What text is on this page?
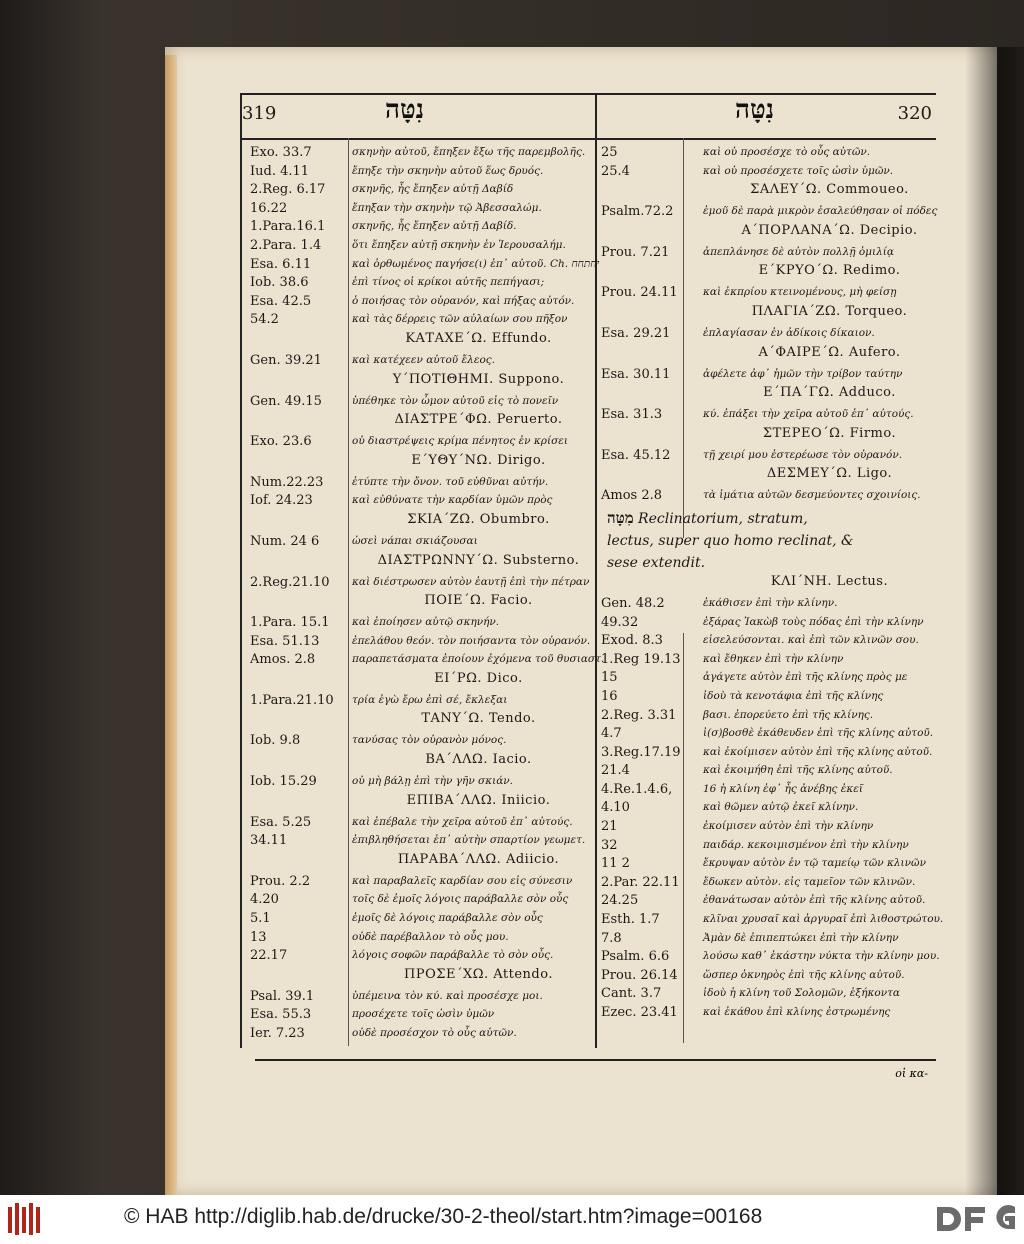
319	נִטָּה	נִטָּה	320
Exo. 33.7	σκηνὴν αὐτοῦ, ἔπηξεν ἔξω τῆς παρεμβολῆς.
Iud. 4.11	ἔπηξε τὴν σκηνὴν αὐτοῦ ἕως δρυός.
2.Reg. 6.17	σκηνῆς, ἧς ἔπηξεν αὐτῇ Δαβίδ
16.22	ἔπηξαν τὴν σκηνὴν τῷ Ἀβεσσαλώμ.
1.Para.16.1	σκηνῆς, ἧς ἔπηξεν αὐτῇ Δαβίδ.
2.Para. 1.4	ὅτι ἔπηξεν αὐτῇ σκηνὴν ἐν Ἱερουσαλήμ.
Esa. 6.11	καὶ ὀρθωμένος παγήσε(ι) ἐπ᾽ αὐτοῦ. Ch. יחתחח
Iob. 38.6	ἐπὶ τίνος οἱ κρίκοι αὐτῆς πεπήγασι;
Esa. 42.5	ὁ ποιήσας τὸν οὐρανόν, καὶ πήξας αὐτόν.
54.2	καὶ τὰς δέρρεις τῶν αὐλαίων σου πῆξον
ΚΑΤΑΧΕ΄Ω. Effundo.
Gen. 39.21	καὶ κατέχεεν αὐτοῦ ἔλεος.
Υ΄ΠΟΤΙΘΗΜΙ. Suppono.
Gen. 49.15	ὑπέθηκε τὸν ὦμον αὐτοῦ εἰς τὸ πονεῖν
ΔΙΑΣΤΡΕ΄ΦΩ. Peruerto.
Exo. 23.6	οὐ διαστρέψεις κρίμα πένητος ἐν κρίσει
Ε΄ΥΘΥ΄ΝΩ. Dirigo.
Num.22.23	ἐτύπτε τὴν ὄνον. τοῦ εὐθῦναι αὐτήν.
Iof. 24.23	καὶ εὐθύνατε τὴν καρδίαν ὑμῶν πρὸς
ΣΚΙΑ΄ΖΩ. Obumbro.
Num. 24 6	ὡσεὶ νάπαι σκιάζουσαι
ΔΙΑΣΤΡΩΝΝΥ΄Ω. Substerno.
2.Reg.21.10	καὶ διέστρωσεν αὐτὸν ἑαυτῇ ἐπὶ τὴν πέτραν
ΠΟΙΕ΄Ω. Facio.
1.Para. 15.1	καὶ ἐποίησεν αὐτῷ σκηνήν.
Esa. 51.13	ἐπελάθου θεόν. τὸν ποιήσαντα τὸν οὐρανόν.
Amos. 2.8	παραπετάσματα ἐποίουν ἐχόμενα τοῦ θυσιαστ.
ΕΙ΄ΡΩ. Dico.
1.Para.21.10	τρία ἐγὼ ἔρω ἐπὶ σέ, ἔκλεξαι
ΤΑΝΥ΄Ω. Tendo.
Iob. 9.8	τανύσας τὸν οὐρανὸν μόνος.
ΒΑ΄ΛΛΩ. Iacio.
Iob. 15.29	οὐ μὴ βάλῃ ἐπὶ τὴν γῆν σκιάν.
ΕΠΙΒΑ΄ΛΛΩ. Iniicio.
Esa. 5.25	καὶ ἐπέβαλε τὴν χεῖρα αὐτοῦ ἐπ᾽ αὐτούς.
34.11	ἐπιβληθήσεται ἐπ᾽ αὐτὴν σπαρτίον γεωμετ.
ΠΑΡΑΒΑ΄ΛΛΩ. Adiicio.
Prou. 2.2	καὶ παραβαλεῖς καρδίαν σου εἰς σύνεσιν
4.20	τοῖς δὲ ἐμοῖς λόγοις παράβαλλε σὸν οὖς
5.1	ἐμοῖς δὲ λόγοις παράβαλλε σὸν οὖς
13	οὐδὲ παρέβαλλον τὸ οὖς μου.
22.17	λόγοις σοφῶν παράβαλλε τὸ σὸν οὖς.
ΠΡΟΣΕ΄ΧΩ. Attendo.
Psal. 39.1	ὑπέμεινα τὸν κύ. καὶ προσέσχε μοι.
Esa. 55.3	προσέχετε τοῖς ὠσὶν ὑμῶν
Ier. 7.23	οὐδὲ προσέσχον τὸ οὖς αὐτῶν.
25	καὶ οὐ προσέσχε τὸ οὖς αὐτῶν.
25.4	καὶ οὐ προσέσχετε τοῖς ὠσὶν ὑμῶν.
ΣΑΛΕΥ΄Ω. Commoueo.
Psalm.72.2	ἐμοῦ δὲ παρὰ μικρὸν ἐσαλεύθησαν οἱ πόδες
Α΄ΠΟΡΛΑΝΑ΄Ω. Decipio.
Prou. 7.21	ἀπεπλάνησε δὲ αὐτὸν πολλῇ ὁμιλίᾳ
Ε΄ΚΡΥΟ΄Ω. Redimo.
Prou. 24.11	καὶ ἐκπρίου κτεινομένους, μὴ φείσῃ
ΠΛΑΓΙΑ΄ΖΩ. Torqueo.
Esa. 29.21	ἐπλαγίασαν ἐν ἀδίκοις δίκαιον.
Α΄ΦΑΙΡΕ΄Ω. Aufero.
Esa. 30.11	ἀφέλετε ἀφ᾽ ἡμῶν τὴν τρίβον ταύτην
Ε΄ΠΑ΄ΓΩ. Adduco.
Esa. 31.3	κύ. ἐπάξει τὴν χεῖρα αὐτοῦ ἐπ᾽ αὐτούς.
ΣΤΕΡΕΟ΄Ω. Firmo.
Esa. 45.12	τῇ χειρί μου ἐστερέωσε τὸν οὐρανόν.
ΔΕΣΜΕΥ΄Ω. Ligo.
Amos 2.8	τὰ ἱμάτια αὐτῶν δεσμεύοντες σχοινίοις.
מִטָּה Reclinatorium, stratum,
lectus, super quo homo reclinat, &
sese extendit.

ΚΛΙ΄ΝΗ. Lectus.
Gen. 48.2	ἐκάθισεν ἐπὶ τὴν κλίνην.
49.32	ἐξάρας Ἰακὼβ τοὺς πόδας ἐπὶ τὴν κλίνην
Exod. 8.3	εἰσελεύσονται. καὶ ἐπὶ τῶν κλινῶν σου.
1.Reg 19.13	καὶ ἔθηκεν ἐπὶ τὴν κλίνην
15	ἀγάγετε αὐτὸν ἐπὶ τῆς κλίνης πρὸς με
16	ἰδοὺ τὰ κενοτάφια ἐπὶ τῆς κλίνης
2.Reg. 3.31	βασι. ἐπορεύετο ἐπὶ τῆς κλίνης.
4.7	ἰ(σ)βοσθὲ ἐκάθευδεν ἐπὶ τῆς κλίνης αὐτοῦ.
3.Reg.17.19	καὶ ἐκοίμισεν αὐτὸν ἐπὶ τῆς κλίνης αὐτοῦ.
21.4	καὶ ἐκοιμήθη ἐπὶ τῆς κλίνης αὐτοῦ.
4.Re.1.4.6,	16 ἡ κλίνη ἐφ᾽ ἧς ἀνέβης ἐκεῖ
4.10	καὶ θῶμεν αὐτῷ ἐκεῖ κλίνην.
21	ἐκοίμισεν αὐτὸν ἐπὶ τὴν κλίνην
32	παιδάρ. κεκοιμισμένον ἐπὶ τὴν κλίνην
11 2	ἔκρυψαν αὐτὸν ἐν τῷ ταμείῳ τῶν κλινῶν
2.Par. 22.11	ἔδωκεν αὐτὸν. εἰς ταμεῖον τῶν κλινῶν.
24.25	ἐθανάτωσαν αὐτὸν ἐπὶ τῆς κλίνης αὐτοῦ.
Esth. 1.7	κλῖναι χρυσαῖ καὶ ἀργυραῖ ἐπὶ λιθοστρώτου.
7.8	Ἀμὰν δὲ ἐπιπεπτώκει ἐπὶ τὴν κλίνην
Psalm. 6.6	λούσω καθ᾽ ἑκάστην νύκτα τὴν κλίνην μου.
Prou. 26.14	ὥσπερ ὀκνηρὸς ἐπὶ τῆς κλίνης αὐτοῦ.
Cant. 3.7	ἰδοὺ ἡ κλίνη τοῦ Σολομῶν, ἑξήκοντα
Ezec. 23.41	καὶ ἐκάθου ἐπὶ κλίνης ἐστρωμένης
οἱ κα-
© HAB http://diglib.hab.de/drucke/30-2-theol/start.htm?image=00168
